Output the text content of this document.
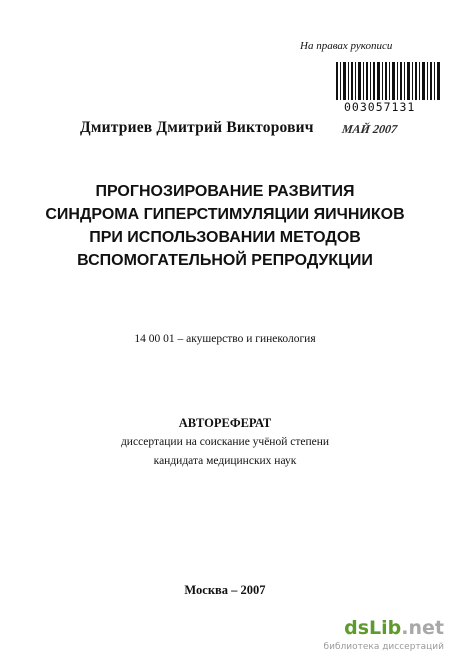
На правах рукописи
003057131
Дмитриев Дмитрий Викторович МАЙ 2007
ПРОГНОЗИРОВАНИЕ РАЗВИТИЯ
СИНДРОМА ГИПЕРСТИМУЛЯЦИИ ЯИЧНИКОВ
ПРИ ИСПОЛЬЗОВАНИИ МЕТОДОВ
ВСПОМОГАТЕЛЬНОЙ РЕПРОДУКЦИИ
14 00 01 – акушерство и гинекология
АВТОРЕФЕРАТ
диссертации на соискание учёной степени
кандидата медицинских наук
Москва – 2007
dsLib.net
библиотека диссертаций
